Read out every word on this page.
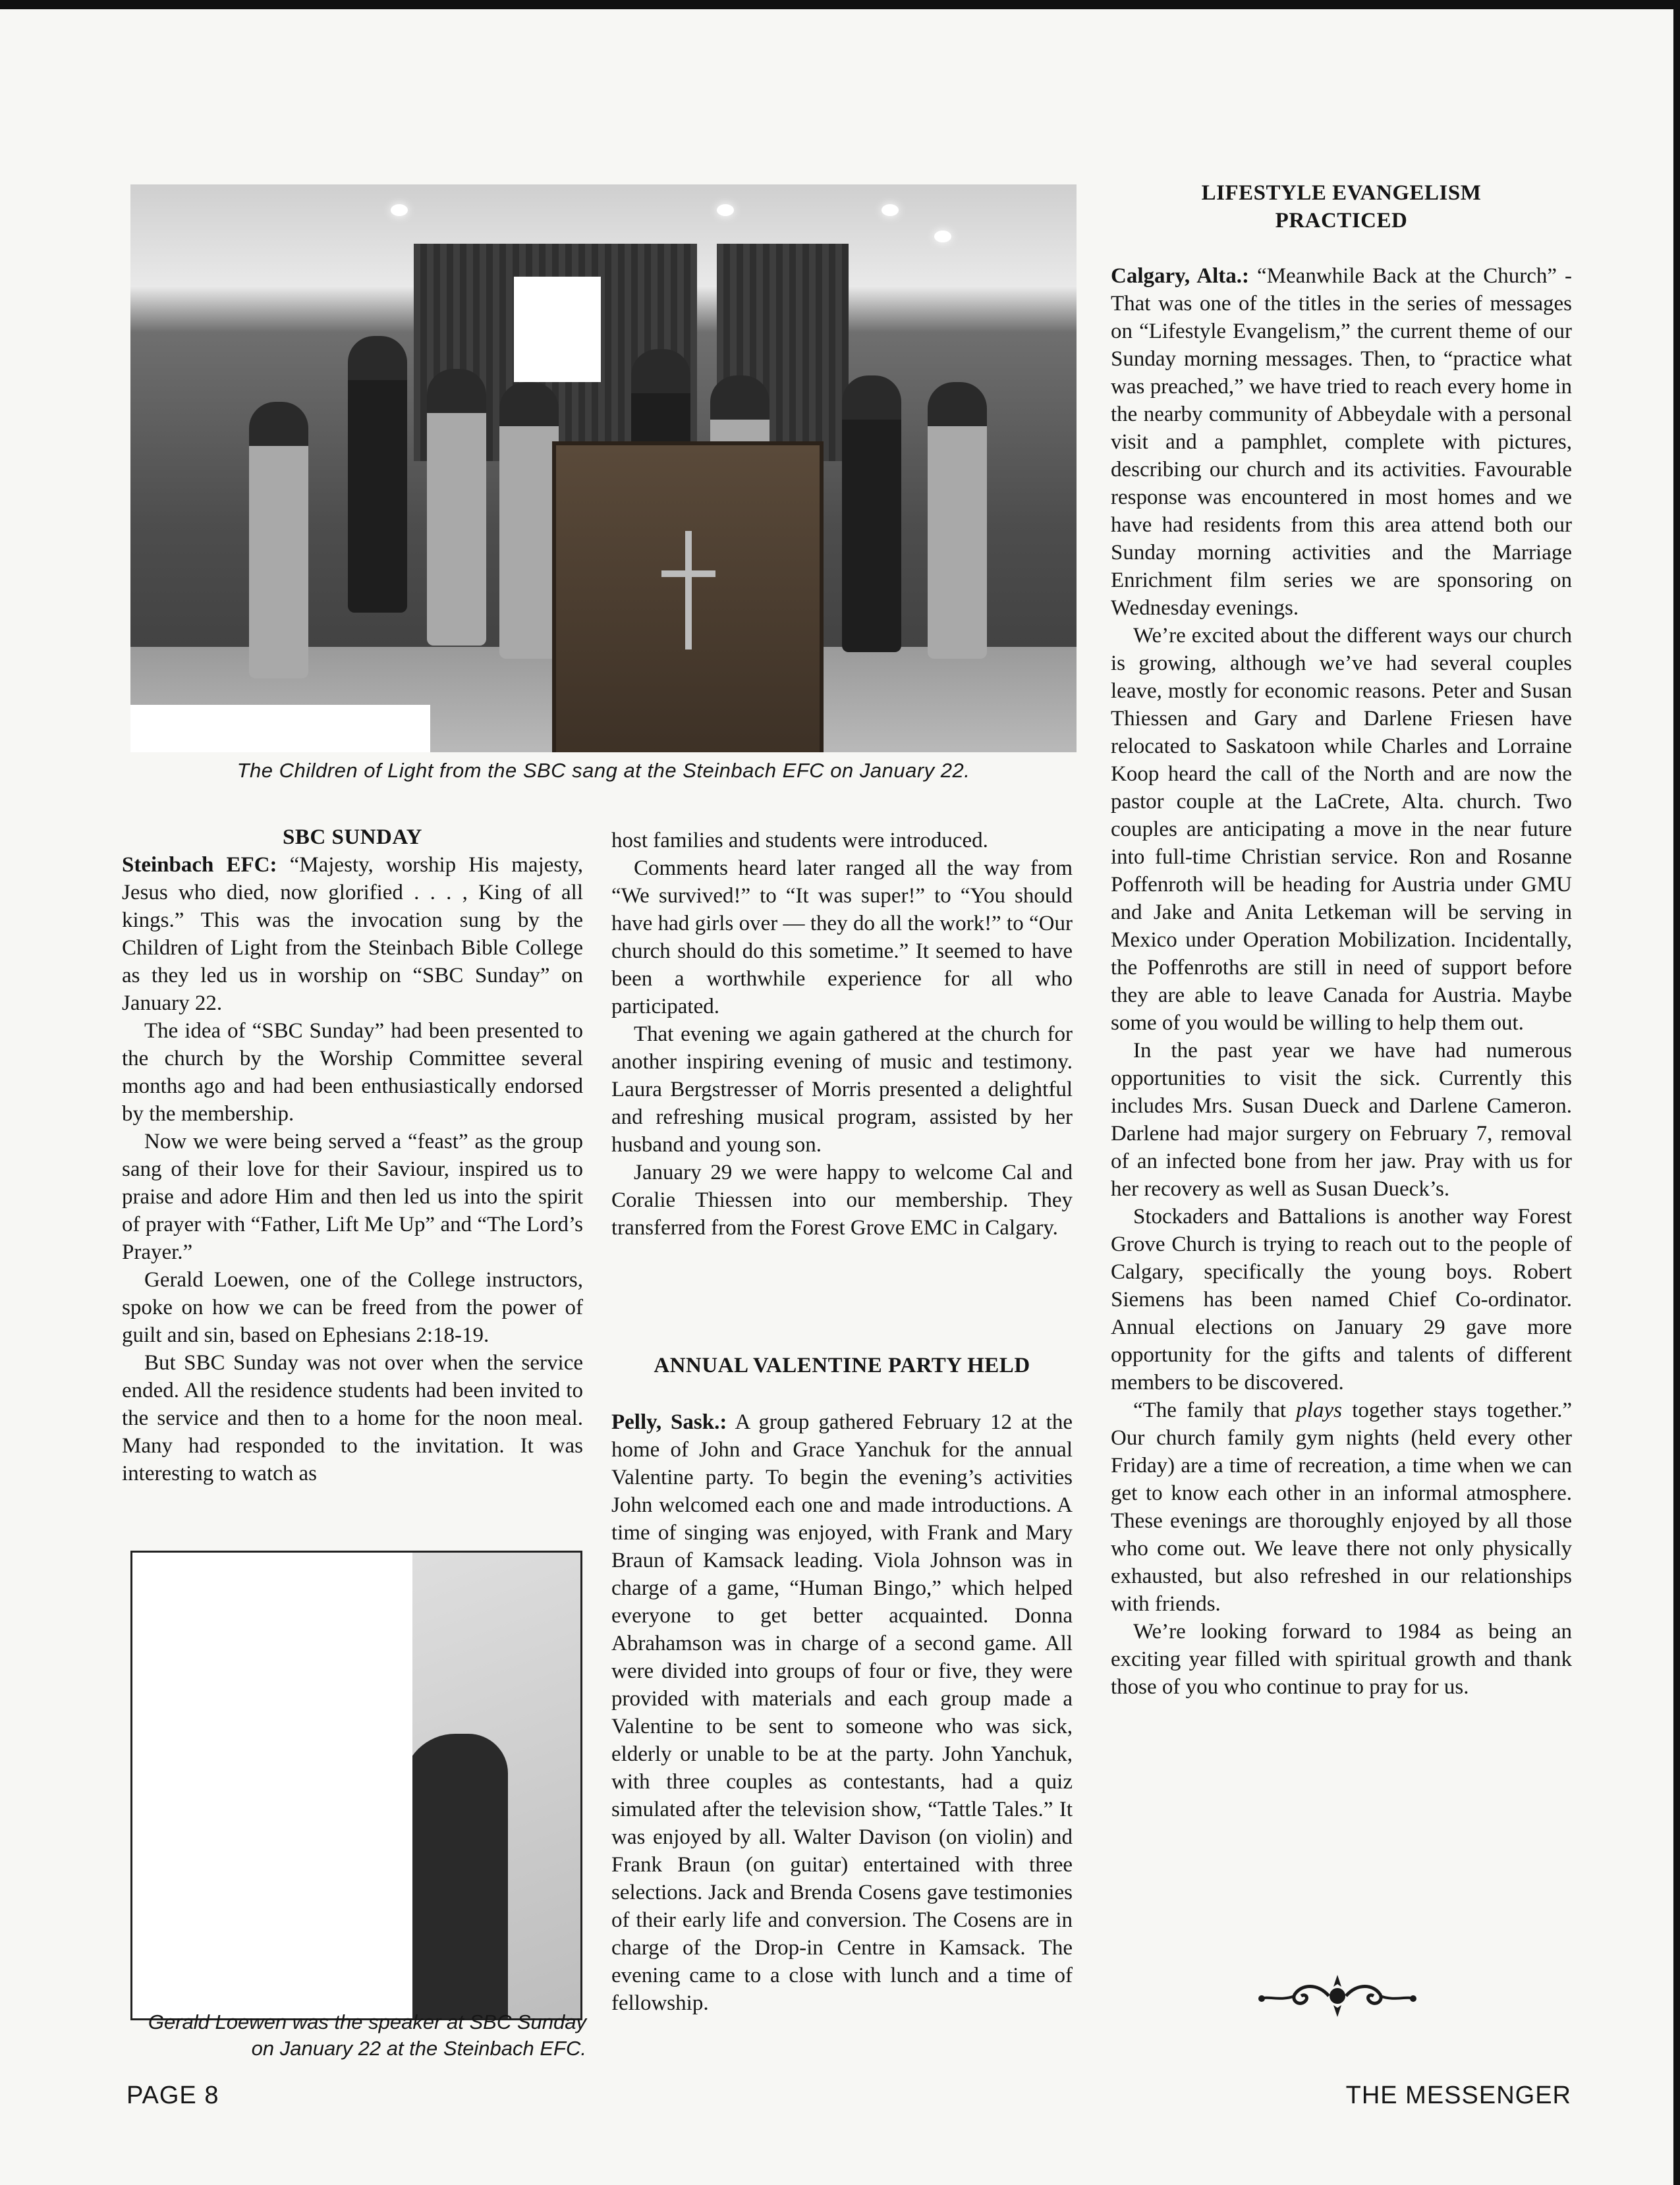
The Children of Light from the SBC sang at the Steinbach EFC on January 22.
SBC SUNDAY

Steinbach EFC: “Majesty, worship His majesty, Jesus who died, now glorified . . . , King of all kings.” This was the invocation sung by the Children of Light from the Steinbach Bible College as they led us in worship on “SBC Sunday” on January 22.

The idea of “SBC Sunday” had been presented to the church by the Worship Committee several months ago and had been enthusiastically endorsed by the membership.

Now we were being served a “feast” as the group sang of their love for their Saviour, inspired us to praise and adore Him and then led us into the spirit of prayer with “Father, Lift Me Up” and “The Lord’s Prayer.”

Gerald Loewen, one of the College instructors, spoke on how we can be freed from the power of guilt and sin, based on Ephesians 2:18-19.

But SBC Sunday was not over when the service ended. All the residence students had been invited to the service and then to a home for the noon meal. Many had responded to the invitation. It was interesting to watch as

Gerald Loewen was the speaker at SBC Sunday on January 22 at the Steinbach EFC.

host families and students were introduced.

Comments heard later ranged all the way from “We survived!” to “It was super!” to “You should have had girls over — they do all the work!” to “Our church should do this sometime.” It seemed to have been a worthwhile experience for all who participated.

That evening we again gathered at the church for another inspiring evening of music and testimony. Laura Bergstresser of Morris presented a delightful and refreshing musical program, assisted by her husband and young son.

January 29 we were happy to welcome Cal and Coralie Thiessen into our membership. They transferred from the Forest Grove EMC in Calgary.

ANNUAL VALENTINE PARTY HELD

Pelly, Sask.: A group gathered February 12 at the home of John and Grace Yanchuk for the annual Valentine party. To begin the evening’s activities John welcomed each one and made introductions. A time of singing was enjoyed, with Frank and Mary Braun of Kamsack leading. Viola Johnson was in charge of a game, “Human Bingo,” which helped everyone to get better acquainted. Donna Abrahamson was in charge of a second game. All were divided into groups of four or five, they were provided with materials and each group made a Valentine to be sent to someone who was sick, elderly or unable to be at the party. John Yanchuk, with three couples as contestants, had a quiz simulated after the television show, “Tattle Tales.” It was enjoyed by all. Walter Davison (on violin) and Frank Braun (on guitar) entertained with three selections. Jack and Brenda Cosens gave testimonies of their early life and conversion. The Cosens are in charge of the Drop-in Centre in Kamsack. The evening came to a close with lunch and a time of fellowship.

LIFESTYLE EVANGELISM
PRACTICED

Calgary, Alta.: “Meanwhile Back at the Church” - That was one of the titles in the series of messages on “Lifestyle Evangelism,” the current theme of our Sunday morning messages. Then, to “practice what was preached,” we have tried to reach every home in the nearby community of Abbeydale with a personal visit and a pamphlet, complete with pictures, describing our church and its activities. Favourable response was encountered in most homes and we have had residents from this area attend both our Sunday morning activities and the Marriage Enrichment film series we are sponsoring on Wednesday evenings.

We’re excited about the different ways our church is growing, although we’ve had several couples leave, mostly for economic reasons. Peter and Susan Thiessen and Gary and Darlene Friesen have relocated to Saskatoon while Charles and Lorraine Koop heard the call of the North and are now the pastor couple at the LaCrete, Alta. church. Two couples are anticipating a move in the near future into full-time Christian service. Ron and Rosanne Poffenroth will be heading for Austria under GMU and Jake and Anita Letkeman will be serving in Mexico under Operation Mobilization. Incidentally, the Poffenroths are still in need of support before they are able to leave Canada for Austria. Maybe some of you would be willing to help them out.

In the past year we have had numerous opportunities to visit the sick. Currently this includes Mrs. Susan Dueck and Darlene Cameron. Darlene had major surgery on February 7, removal of an infected bone from her jaw. Pray with us for her recovery as well as Susan Dueck’s.

Stockaders and Battalions is another way Forest Grove Church is trying to reach out to the people of Calgary, specifically the young boys. Robert Siemens has been named Chief Co-ordinator. Annual elections on January 29 gave more opportunity for the gifts and talents of different members to be discovered.

“The family that plays together stays together.” Our church family gym nights (held every other Friday) are a time of recreation, a time when we can get to know each other in an informal atmosphere. These evenings are thoroughly enjoyed by all those who come out. We leave there not only physically exhausted, but also refreshed in our relationships with friends.

We’re looking forward to 1984 as being an exciting year filled with spiritual growth and thank those of you who continue to pray for us.

PAGE 8	THE MESSENGER
